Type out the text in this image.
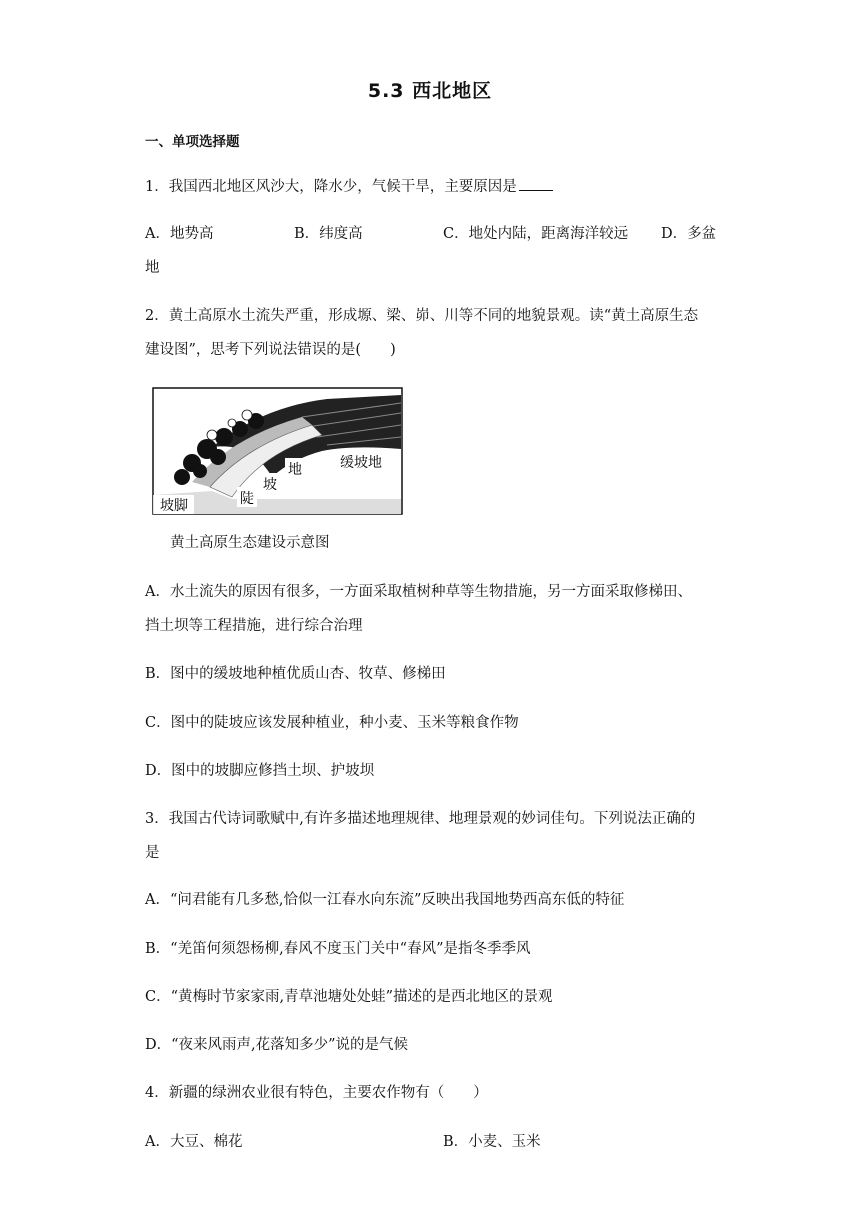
5.3 西北地区
一、单项选择题
1．我国西北地区风沙大，降水少，气候干旱，主要原因是
A．地势高	B．纬度高	C．地处内陆，距离海洋较远 D．多盆
地
2．黄土高原水土流失严重，形成塬、梁、峁、川等不同的地貌景观。读“黄土高原生态
建设图”，思考下列说法错误的是(　　)
缓坡地
地
坡
陡
坡脚
黄土高原生态建设示意图
A．水土流失的原因有很多，一方面采取植树种草等生物措施，另一方面采取修梯田、
挡土坝等工程措施，进行综合治理
B．图中的缓坡地种植优质山杏、牧草、修梯田
C．图中的陡坡应该发展种植业，种小麦、玉米等粮食作物
D．图中的坡脚应修挡土坝、护坡坝
3．我国古代诗词歌赋中,有许多描述地理规律、地理景观的妙词佳句。下列说法正确的
是
A．“问君能有几多愁,恰似一江春水向东流”反映出我国地势西高东低的特征
B．“羌笛何须怨杨柳,春风不度玉门关中“春风”是指冬季季风
C．“黄梅时节家家雨,青草池塘处处蛙”描述的是西北地区的景观
D．“夜来风雨声,花落知多少”说的是气候
4．新疆的绿洲农业很有特色，主要农作物有（　　）
A．大豆、棉花	B．小麦、玉米
